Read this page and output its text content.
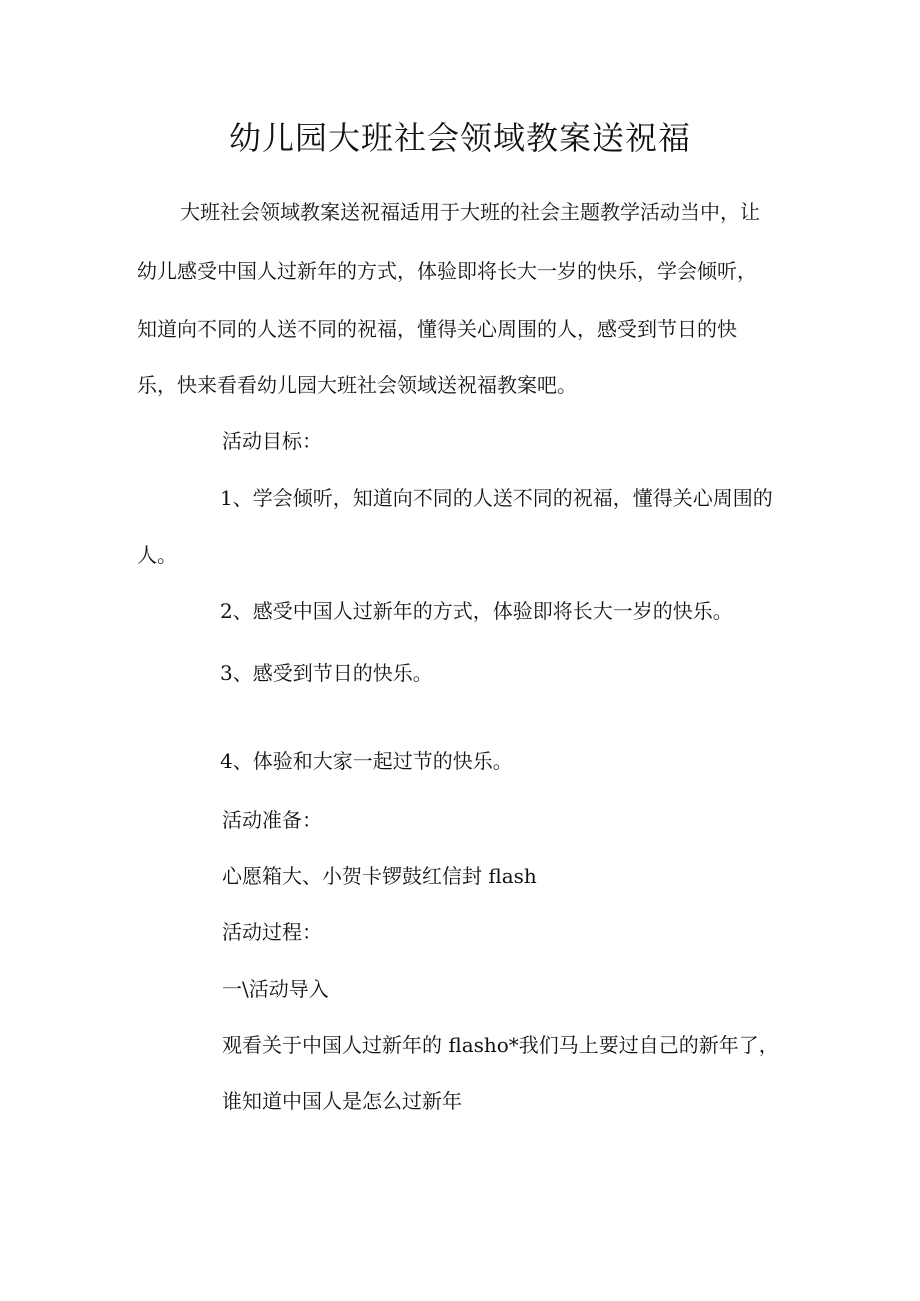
幼儿园大班社会领域教案送祝福

大班社会领域教案送祝福适用于大班的社会主题教学活动当中，让

幼儿感受中国人过新年的方式，体验即将长大一岁的快乐，学会倾听，

知道向不同的人送不同的祝福，懂得关心周围的人，感受到节日的快

乐，快来看看幼儿园大班社会领域送祝福教案吧。

活动目标：

1、学会倾听，知道向不同的人送不同的祝福，懂得关心周围的

人。

2、感受中国人过新年的方式，体验即将长大一岁的快乐。

3、感受到节日的快乐。

4、体验和大家一起过节的快乐。

活动准备：

心愿箱大、小贺卡锣鼓红信封 flash

活动过程：

一\活动导入

观看关于中国人过新年的 flasho*我们马上要过自己的新年了，

谁知道中国人是怎么过新年
